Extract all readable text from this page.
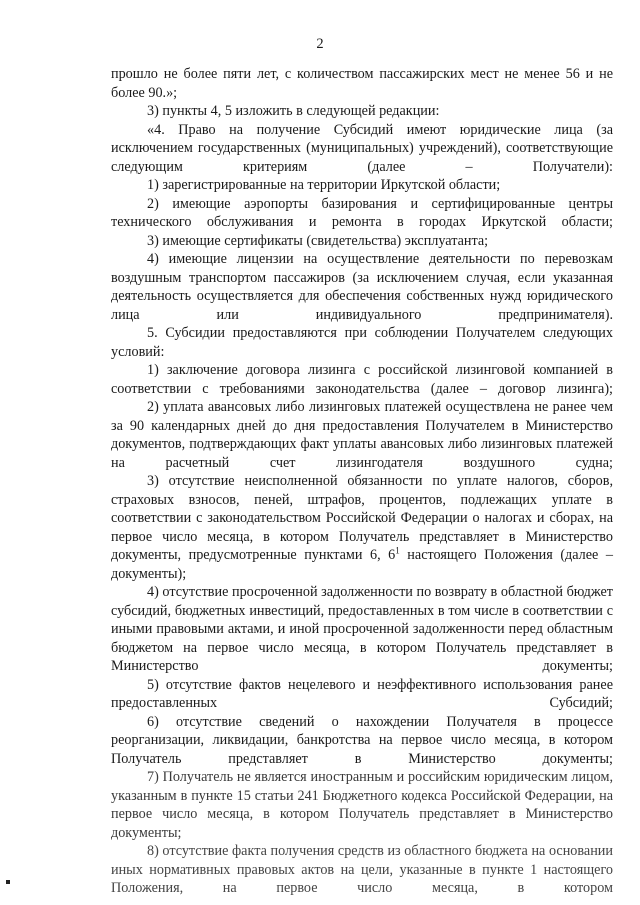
2

прошло не более пяти лет, с количеством пассажирских мест не менее 56 и не более 90.»;

3) пункты 4, 5 изложить в следующей редакции:

«4. Право на получение Субсидий имеют юридические лица (за исключением государственных (муниципальных) учреждений), соответствующие следующим критериям (далее – Получатели):

1) зарегистрированные на территории Иркутской области;

2) имеющие аэропорты базирования и сертифицированные центры технического обслуживания и ремонта в городах Иркутской области;

3) имеющие сертификаты (свидетельства) эксплуатанта;

4) имеющие лицензии на осуществление деятельности по перевозкам воздушным транспортом пассажиров (за исключением случая, если указанная деятельность осуществляется для обеспечения собственных нужд юридического лица или индивидуального предпринимателя).

5. Субсидии предоставляются при соблюдении Получателем следующих условий:

1) заключение договора лизинга с российской лизинговой компанией в соответствии с требованиями законодательства (далее – договор лизинга);

2) уплата авансовых либо лизинговых платежей осуществлена не ранее чем за 90 календарных дней до дня предоставления Получателем в Министерство документов, подтверждающих факт уплаты авансовых либо лизинговых платежей на расчетный счет лизингодателя воздушного судна;

3) отсутствие неисполненной обязанности по уплате налогов, сборов, страховых взносов, пеней, штрафов, процентов, подлежащих уплате в соответствии с законодательством Российской Федерации о налогах и сборах, на первое число месяца, в котором Получатель представляет в Министерство документы, предусмотренные пунктами 6, $6^1$ настоящего Положения (далее – документы);

4) отсутствие просроченной задолженности по возврату в областной бюджет субсидий, бюджетных инвестиций, предоставленных в том числе в соответствии с иными правовыми актами, и иной просроченной задолженности перед областным бюджетом на первое число месяца, в котором Получатель представляет в Министерство документы;

5) отсутствие фактов нецелевого и неэффективного использования ранее предоставленных Субсидий;

6) отсутствие сведений о нахождении Получателя в процессе реорганизации, ликвидации, банкротства на первое число месяца, в котором Получатель представляет в Министерство документы;

7) Получатель не является иностранным и российским юридическим лицом, указанным в пункте 15 статьи 241 Бюджетного кодекса Российской Федерации, на первое число месяца, в котором Получатель представляет в Министерство документы;

8) отсутствие факта получения средств из областного бюджета на основании иных нормативных правовых актов на цели, указанные в пункте 1 настоящего Положения, на первое число месяца, в котором
